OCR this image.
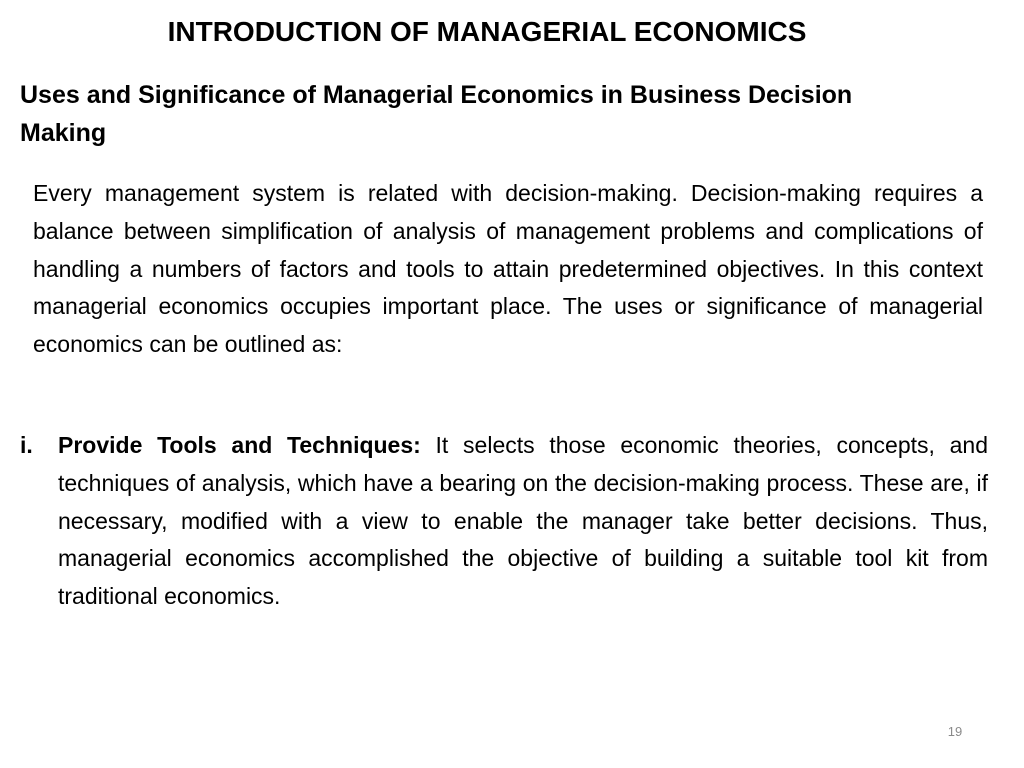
INTRODUCTION OF MANAGERIAL ECONOMICS
Uses and Significance of Managerial Economics in Business Decision Making

Every management system is related with decision-making. Decision-making requires a balance between simplification of analysis of management problems and complications of handling a numbers of factors and tools to attain predetermined objectives. In this context managerial economics occupies important place. The uses or significance of managerial economics can be outlined as:

i. Provide Tools and Techniques: It selects those economic theories, concepts, and techniques of analysis, which have a bearing on the decision-making process. These are, if necessary, modified with a view to enable the manager take better decisions. Thus, managerial economics accomplished the objective of building a suitable tool kit from traditional economics.
19
